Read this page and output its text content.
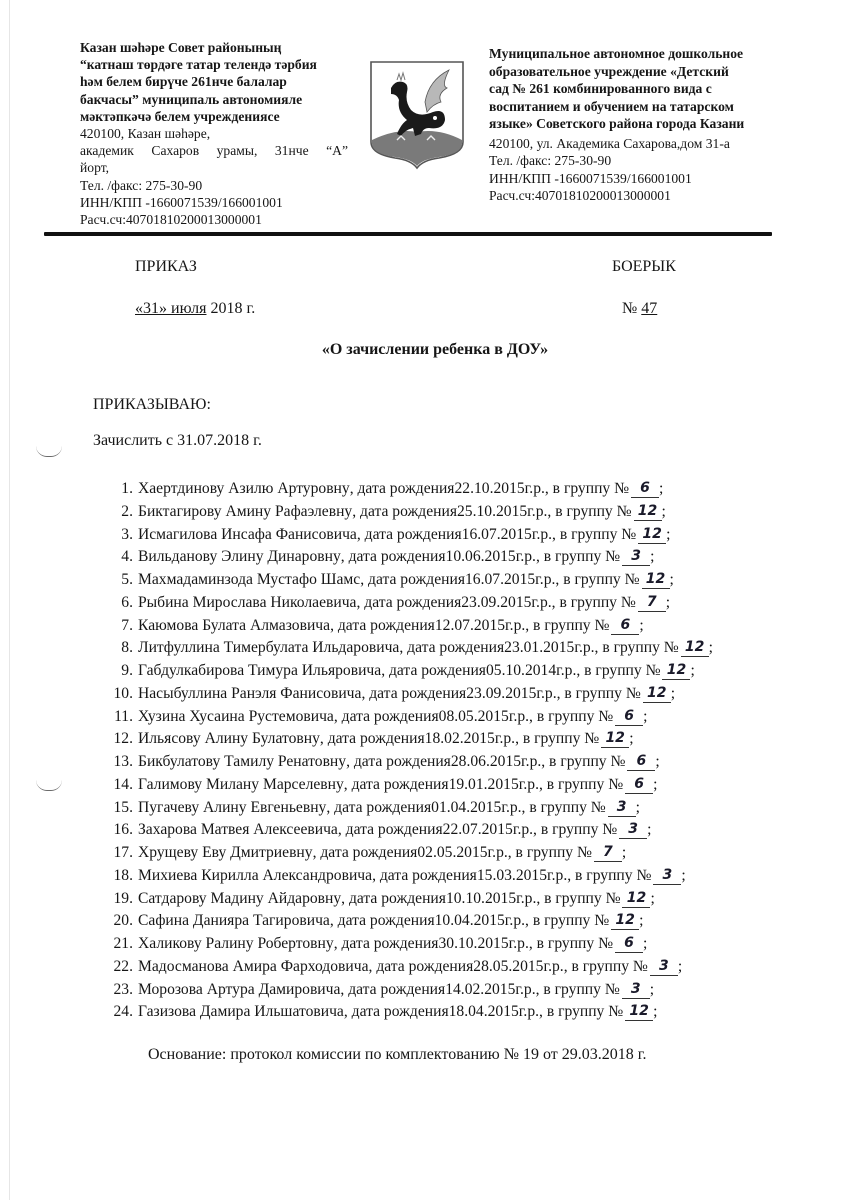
Казан шәһәре Совет районының
“катнаш төрдәге татар телендә тәрбия
һәм белем бирүче 261нче балалар
бакчасы” муниципаль автономияле
мәктәпкәчә белем учреждениясе
420100, Казан шәһәре,
академик Сахаров урамы, 31нче “А”
йорт,
Тел. /факс: 275-30-90
ИНН/КПП -1660071539/166001001
Расч.сч:40701810200013000001
Муниципальное автономное дошкольное
образовательное учреждение «Детский
сад № 261 комбинированного вида с
воспитанием и обучением на татарском
языке» Советского района города Казани
420100, ул. Академика Сахарова,дом 31-а
Тел. /факс: 275-30-90
ИНН/КПП -1660071539/166001001
Расч.сч:40701810200013000001
ПРИКАЗ	БОЕРЫК
«31» июля 2018 г.	№ 47
«О зачислении ребенка в ДОУ»
ПРИКАЗЫВАЮ:
Зачислить с 31.07.2018 г.
1. Хаертдинову Азилю Артуровну , дата рождения 22.10.2015 г.р., в группу № 6 ;
2. Биктагирову Амину Рафаэлевну , дата рождения 25.10.2015 г.р., в группу № 12 ;
3. Исмагилова Инсафа Фанисовича , дата рождения 16.07.2015 г.р., в группу № 12 ;
4. Вильданову Элину Динаровну , дата рождения 10.06.2015 г.р., в группу № 3 ;
5. Махмадаминзода Мустафо Шамс , дата рождения 16.07.2015 г.р., в группу № 12 ;
6. Рыбина Мирослава Николаевича , дата рождения 23.09.2015 г.р., в группу № 7 ;
7. Каюмова Булата Алмазовича , дата рождения 12.07.2015 г.р., в группу № 6 ;
8. Литфуллина Тимербулата Ильдаровича , дата рождения 23.01.2015 г.р., в группу № 12 ;
9. Габдулкабирова Тимура Ильяровича , дата рождения 05.10.2014 г.р., в группу № 12 ;
10. Насыбуллина Ранэля Фанисовича , дата рождения 23.09.2015 г.р., в группу № 12 ;
11. Хузина Хусаина Рустемовича , дата рождения 08.05.2015 г.р., в группу № 6 ;
12. Ильясову Алину Булатовну , дата рождения 18.02.2015 г.р., в группу № 12 ;
13. Бикбулатову Тамилу Ренатовну , дата рождения 28.06.2015 г.р., в группу № 6 ;
14. Галимову Милану Марселевну , дата рождения 19.01.2015 г.р., в группу № 6 ;
15. Пугачеву Алину Евгеньевну , дата рождения 01.04.2015 г.р., в группу № 3 ;
16. Захарова Матвея Алексеевича , дата рождения 22.07.2015 г.р., в группу № 3 ;
17. Хрущеву Еву Дмитриевну , дата рождения 02.05.2015 г.р., в группу № 7 ;
18. Михиева Кирилла Александровича , дата рождения 15.03.2015 г.р., в группу № 3 ;
19. Сатдарову Мадину Айдаровну , дата рождения 10.10.2015 г.р., в группу № 12 ;
20. Сафина Данияра Тагировича , дата рождения 10.04.2015 г.р., в группу № 12 ;
21. Халикову Ралину Робертовну , дата рождения 30.10.2015 г.р., в группу № 6 ;
22. Мадосманова Амира Фарходовича , дата рождения 28.05.2015 г.р., в группу № 3 ;
23. Морозова Артура Дамировича , дата рождения 14.02.2015 г.р., в группу № 3 ;
24. Газизова Дамира Ильшатовича , дата рождения 18.04.2015 г.р., в группу № 12 ;
Основание: протокол комиссии по комплектованию № 19 от 29.03.2018 г.
